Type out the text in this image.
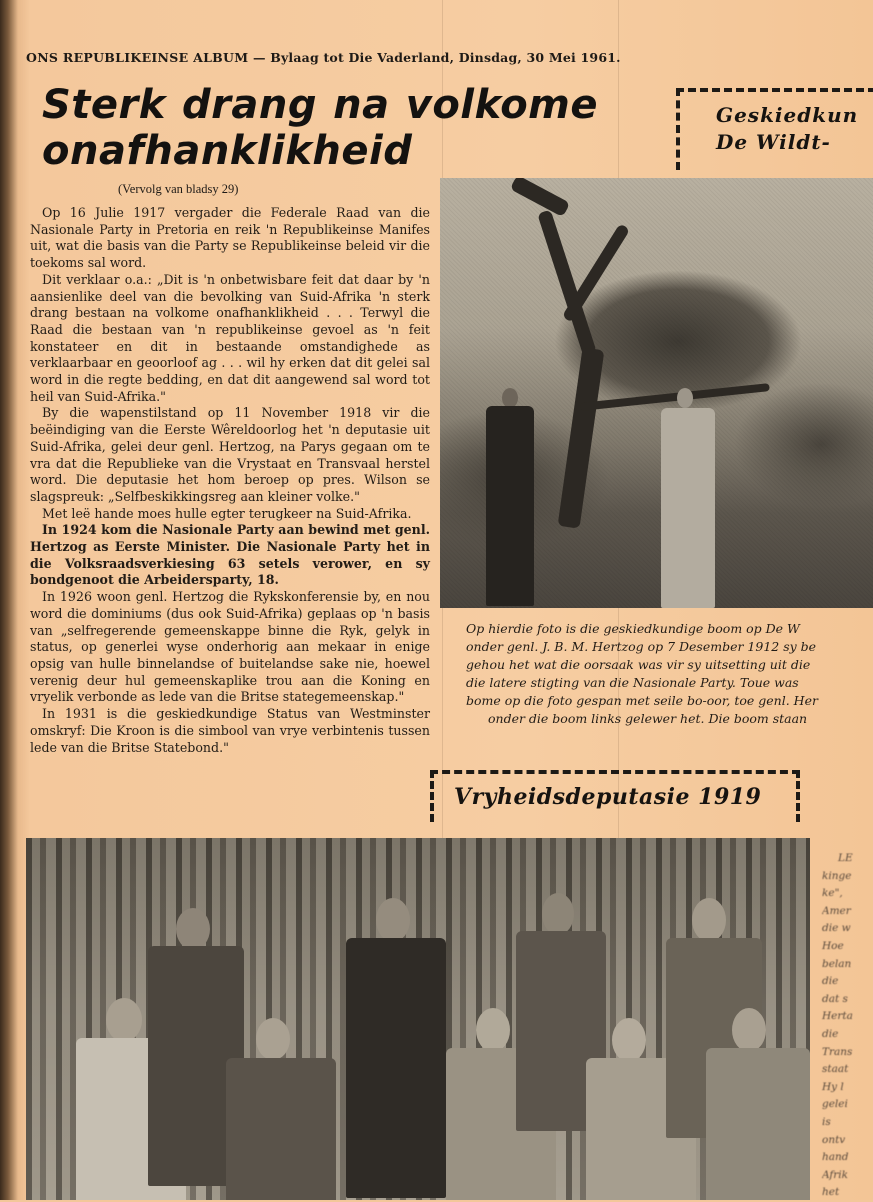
ONS REPUBLIKEINSE ALBUM — Bylaag tot Die Vaderland, Dinsdag, 30 Mei 1961.
Sterk drang na volkome
onafhanklikheid
(Vervolg van bladsy 29)

Op 16 Julie 1917 vergader die Federale Raad van die Nasionale Party in Pretoria en reik 'n Republikeinse Manifes uit, wat die basis van die Party se Republikeinse beleid vir die toekoms sal word.

Dit verklaar o.a.: „Dit is 'n onbetwisbare feit dat daar by 'n aansienlike deel van die bevolking van Suid-Afrika 'n sterk drang bestaan na volkome onafhanklikheid . . . Terwyl die Raad die bestaan van 'n republikeinse gevoel as 'n feit konstateer en dit in bestaande omstandighede as verklaarbaar en geoorloof ag . . . wil hy erken dat dit gelei sal word in die regte bedding, en dat dit aangewend sal word tot heil van Suid-Afrika."

By die wapenstilstand op 11 November 1918 vir die beëindiging van die Eerste Wêreldoorlog het 'n deputasie uit Suid-Afrika, gelei deur genl. Hertzog, na Parys gegaan om te vra dat die Republieke van die Vrystaat en Transvaal herstel word. Die deputasie het hom beroep op pres. Wilson se slagspreuk: „Selfbeskikkingsreg aan kleiner volke."

Met leë hande moes hulle egter terugkeer na Suid-Afrika.

In 1924 kom die Nasionale Party aan bewind met genl. Hertzog as Eerste Minister. Die Nasionale Party het in die Volksraadsverkiesing 63 setels verower, en sy bondgenoot die Arbeidersparty, 18.

In 1926 woon genl. Hertzog die Rykskonferensie by, en nou word die dominiums (dus ook Suid-Afrika) geplaas op 'n basis van „selfregerende gemeenskappe binne die Ryk, gelyk in status, op generlei wyse onderhorig aan mekaar in enige opsig van hulle binnelandse of buitelandse sake nie, hoewel verenig deur hul gemeenskaplike trou aan die Koning en vryelik verbonde as lede van die Britse stategemeenskap."

In 1931 is die geskiedkundige Status van Westminster omskryf: Die Kroon is die simbool van vrye verbintenis tussen lede van die Britse Statebond."

Geskiedkun
De Wildt-
Op hierdie foto is die geskiedkundige boom op De W
onder genl. J. B. M. Hertzog op 7 Desember 1912 sy be
gehou het wat die oorsaak was vir sy uitsetting uit die
die latere stigting van die Nasionale Party. Toue was
bome op die foto gespan met seile bo-oor, toe genl. Her
onder die boom links gelewer het. Die boom staan
Vryheidsdeputasie 1919
LE
kinge
ke",
Amer
die w
Hoe
belan
die
dat s
Herta
die
Trans
staat
Hy l
gelei
is
ontv
hand
Afrik
het
